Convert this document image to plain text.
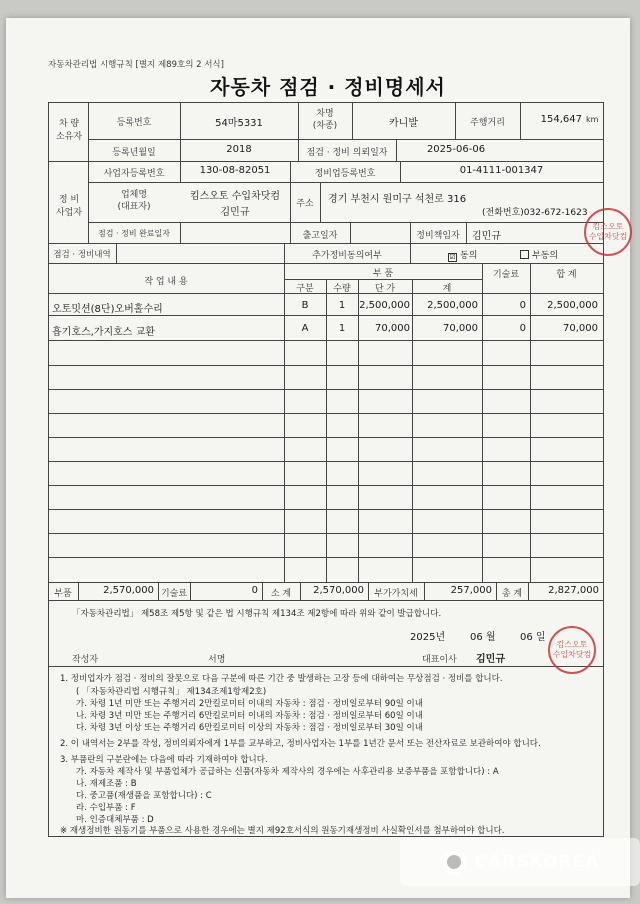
자동차관리법 시행규칙 [별지 제89호의 2 서식]
자동차 점검 · 정비명세서
차 량
소유자
등록번호	54마5331
차명
(차종)	카니발	주행거리	154,647 km
등록년월일	2018	점검 · 정비 의뢰일자	2025-06-06
정 비
사업자
사업자등록번호	130-08-82051	정비업등록번호	01-4111-001347
업체명
(대표자)
킴스오토 수입차닷컴
김민규
주소	경기 부천시 원미구 석천로 316
(전화번호)032-672-1623
점검 · 정비 완료일자	출고일자	정비책임자	김민규
점검 · 정비내역	추가정비동의여부	☑ 동의	부동의
작 업 내 용
부 품
구분	수량	단 가	계
기술료	합 계
오토밋션(8단)오버홀수리	B	1	2,500,000	2,500,000	0	2,500,000
흡기호스,가지호스 교환	A	1	70,000	70,000	0	70,000
부품	2,570,000 기술료	0	소 계	2,570,000	부가가치세	257,000	총 계	2,827,000
「자동차관리법」 제58조 제5항 및 같은 법 시행규칙 제134조 제2항에 따라 위와 같이 발급합니다.
2025년 06 월 06 일
작성자	서명	대표이사 김민규
킴스오토
수입차닷컴
킴스오토
수입차닷컴
1. 정비업자가 점검 · 정비의 잘못으로 다음 구분에 따른 기간 중 발생하는 고장 등에 대하여는 무상점검 · 정비를 합니다.
( 「자동차관리법 시행규칙」 제134조제1항제2호)
가. 차령 1년 미만 또는 주행거리 2만킬로미터 이내의 자동차 : 점검 · 정비일로부터 90일 이내
나. 차령 3년 미만 또는 주행거리 6만킬로미터 이내의 자동차 : 점검 · 정비일로부터 60일 이내
다. 차령 3년 이상 또는 주행거리 6만킬로미터 이상의 자동차 : 점검 · 정비일로부터 30일 이내
2. 이 내역서는 2부를 작성, 정비의뢰자에게 1부를 교부하고, 정비사업자는 1부를 1년간 문서 또는 전산자료로 보관하여야 합니다.
3. 부품란의 구분란에는 다음에 따라 기재하여야 합니다.
가. 자동차 제작사 및 부품업체가 공급하는 신품(자동차 제작사의 경우에는 사후관리용 보증부품을 포함합니다) : A
나. 재제조품 : B
다. 중고품(재생품을 포함합니다) : C
라. 수입부품 : F
마. 인증대체부품 : D
※ 재생정비한 원동기를 부품으로 사용한 경우에는 별지 제92호서식의 원동기재생정비 사실확인서를 첨부하여야 합니다.
CARSKOREA
